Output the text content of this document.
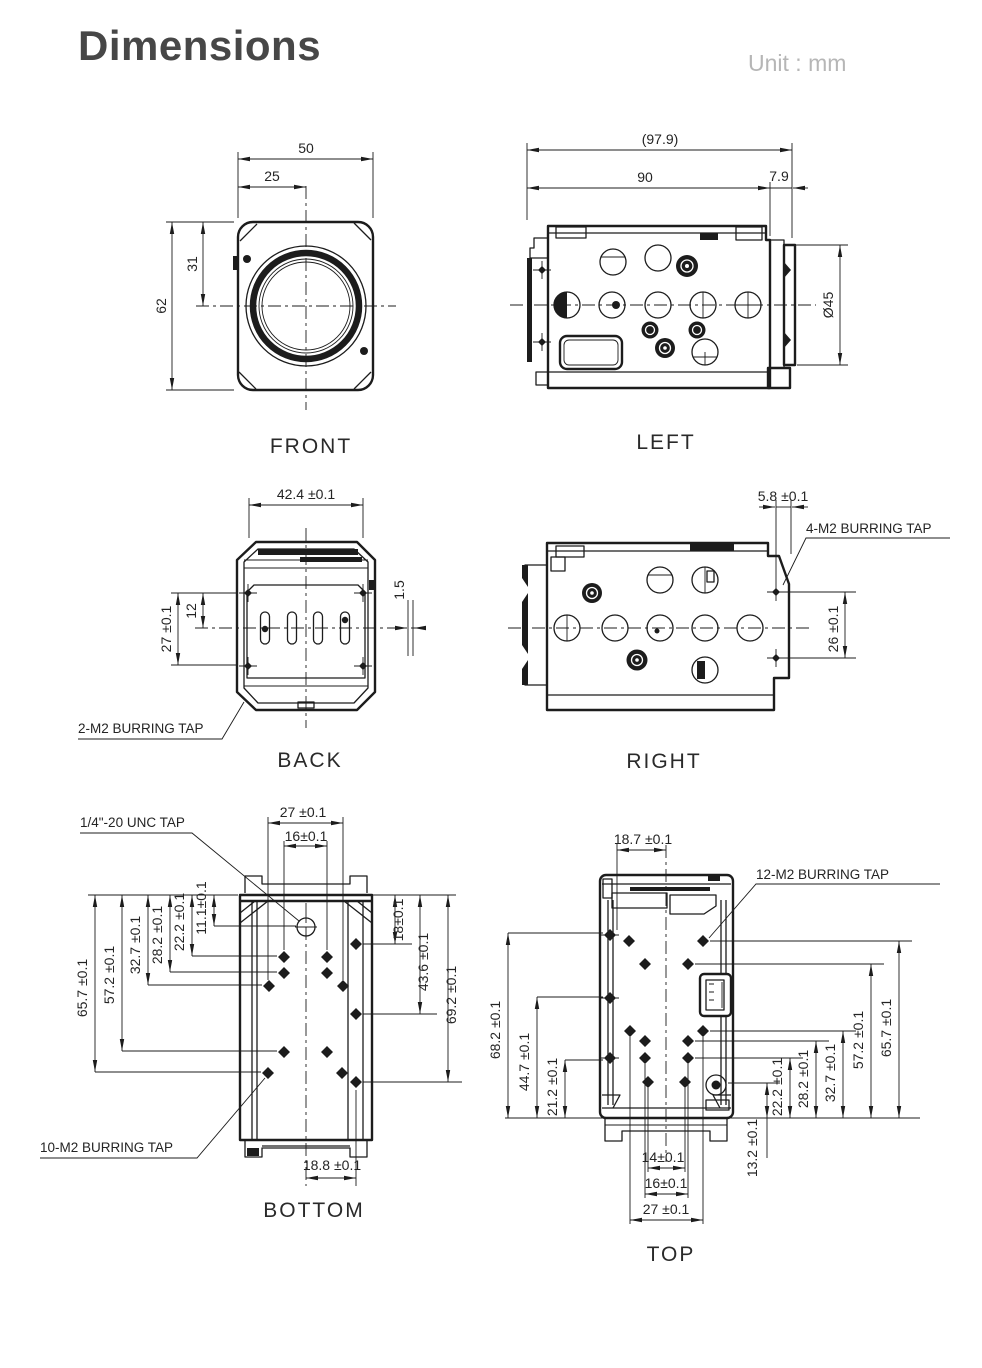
Dimensions	Unit : mm
50
25
62
31
FRONT
(97.9)
90	7.9
Ø45
LEFT
42.4 ±0.1
27 ±0.1 12
1.5
2-M2 BURRING TAP
BACK
5.8 ±0.1
26 ±0.1
4-M2 BURRING TAP
RIGHT
27 ±0.1
16±0.1
65.7 ±0.1 57.2 ±0.1
32.7 ±0.1 28.2 ±0.1 22.2 ±0.1 11.1±0.1	18±0.1
43.6 ±0.1
69.2 ±0.1
18.8 ±0.1
1/4"-20 UNC TAP
10-M2 BURRING TAP
BOTTOM
18.7 ±0.1
12-M2 BURRING TAP
68.2 ±0.1
44.7 ±0.1 21.2 ±0.1
65.7 ±0.1
57.2 ±0.1
32.7 ±0.1
28.2 ±0.1
22.2 ±0.1
13.2 ±0.1
14±0.1
16±0.1
27 ±0.1
TOP
